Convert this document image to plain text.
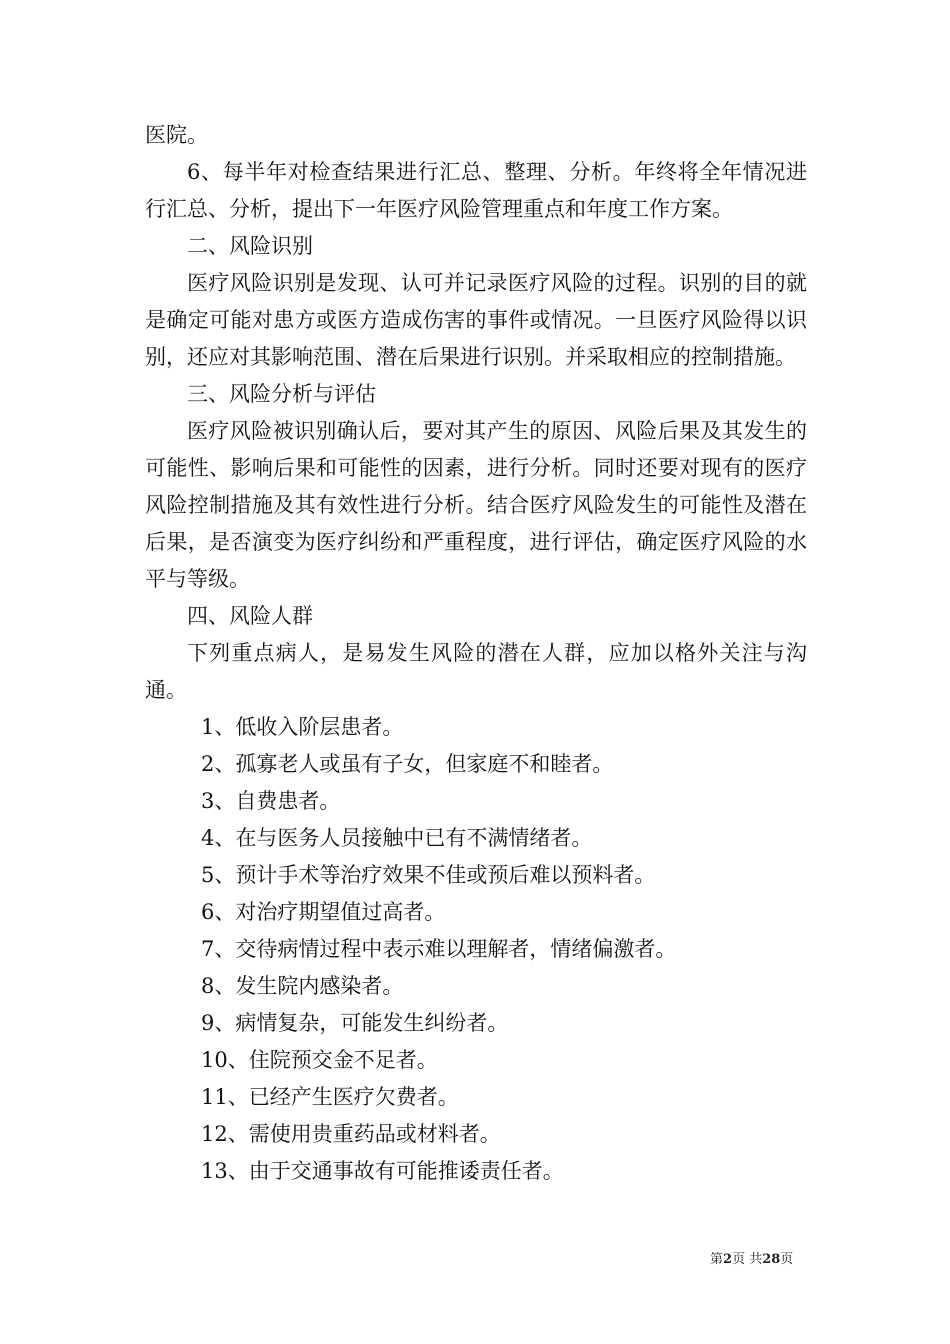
医院。

6、每半年对检查结果进行汇总、整理、分析。年终将全年情况进行汇总、分析，提出下一年医疗风险管理重点和年度工作方案。

二、风险识别

医疗风险识别是发现、认可并记录医疗风险的过程。识别的目的就是确定可能对患方或医方造成伤害的事件或情况。一旦医疗风险得以识别，还应对其影响范围、潜在后果进行识别。并采取相应的控制措施。

三、风险分析与评估

医疗风险被识别确认后，要对其产生的原因、风险后果及其发生的可能性、影响后果和可能性的因素，进行分析。同时还要对现有的医疗风险控制措施及其有效性进行分析。结合医疗风险发生的可能性及潜在后果，是否演变为医疗纠纷和严重程度，进行评估，确定医疗风险的水平与等级。

四、风险人群

下列重点病人，是易发生风险的潜在人群，应加以格外关注与沟通。

1、低收入阶层患者。

2、孤寡老人或虽有子女，但家庭不和睦者。

3、自费患者。

4、在与医务人员接触中已有不满情绪者。

5、预计手术等治疗效果不佳或预后难以预料者。

6、对治疗期望值过高者。

7、交待病情过程中表示难以理解者，情绪偏激者。

8、发生院内感染者。

9、病情复杂，可能发生纠纷者。

10、住院预交金不足者。

11、已经产生医疗欠费者。

12、需使用贵重药品或材料者。

13、由于交通事故有可能推诿责任者。

第2页 共28页
